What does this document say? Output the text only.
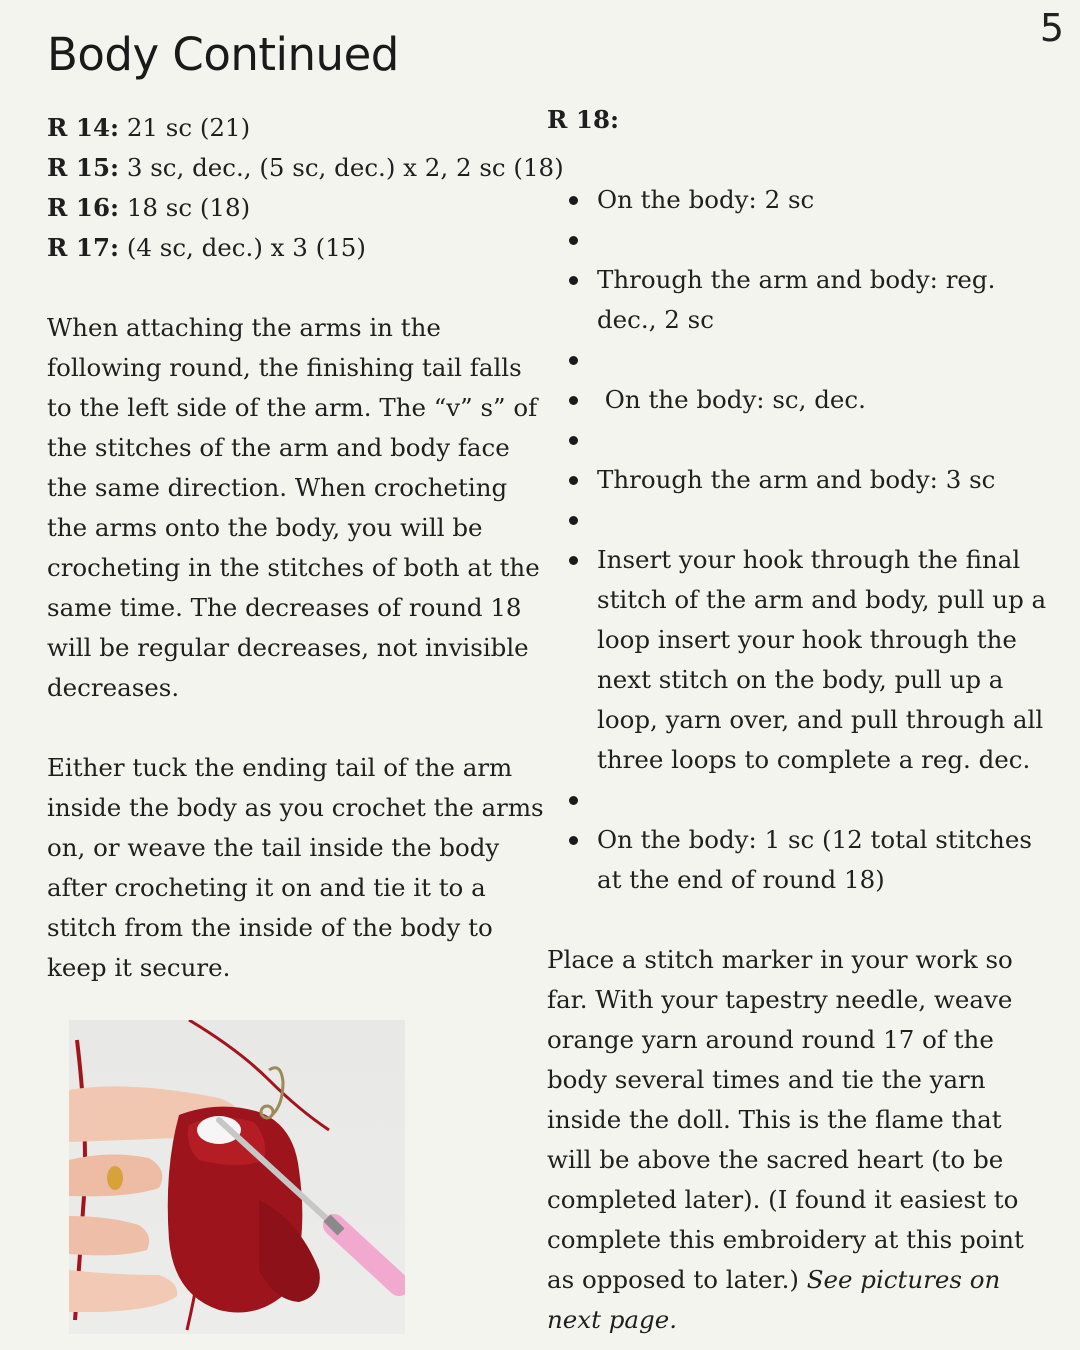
5
Body Continued
R 14: 21 sc (21)
R 15: 3 sc, dec., (5 sc, dec.) x 2, 2 sc (18)
R 16: 18 sc (18)
R 17: (4 sc, dec.) x 3 (15)

When attaching the arms in the following round, the finishing tail falls to the left side of the arm. The “v” s” of the stitches of the arm and body face the same direction. When crocheting the arms onto the body, you will be crocheting in the stitches of both at the same time. The decreases of round 18 will be regular decreases, not invisible decreases.

Either tuck the ending tail of the arm inside the body as you crochet the arms on, or weave the tail inside the body after crocheting it on and tie it to a stitch from the inside of the body to keep it secure.

R 18:
On the body: 2 sc
Through the arm and body: reg. dec., 2 sc
On the body: sc, dec.
Through the arm and body: 3 sc
Insert your hook through the final stitch of the arm and body, pull up a loop insert your hook through the next stitch on the body, pull up a loop, yarn over, and pull through all three loops to complete a reg. dec.
On the body: 1 sc (12 total stitches at the end of round 18)

Place a stitch marker in your work so far. With your tapestry needle, weave orange yarn around round 17 of the body several times and tie the yarn inside the doll. This is the flame that will be above the sacred heart (to be completed later). (I found it easiest to complete this embroidery at this point as opposed to later.) See pictures on next page.
